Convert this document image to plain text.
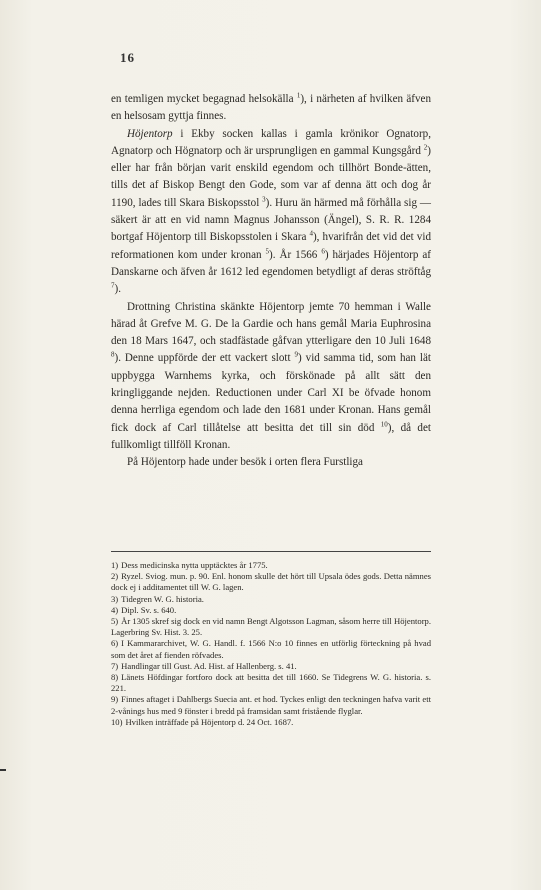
16

en temligen mycket begagnad helsokälla $^1$), i närheten af hvilken äfven en helsosam gyttja finnes.

Höjentorp i Ekby socken kallas i gamla krönikor Ognatorp, Agnatorp och Högnatorp och är ursprungligen en gammal Kungsgård $^2$) eller har från början varit enskild egendom och tillhört Bonde-ätten, tills det af Biskop Bengt den Gode, som var af denna ätt och dog år 1190, lades till Skara Biskopsstol $^3$). Huru än härmed må förhålla sig — säkert är att en vid namn Magnus Johansson (Ängel), S. R. R. 1284 bortgaf Höjentorp till Biskopsstolen i Skara $^4$), hvarifrån det vid det vid reformationen kom under kronan $^5$). År 1566 $^6$) härjades Höjentorp af Danskarne och äfven år 1612 led egendomen betydligt af deras ströftåg $^7$).

Drottning Christina skänkte Höjentorp jemte 70 hemman i Walle härad åt Grefve M. G. De la Gardie och hans gemål Maria Euphrosina den 18 Mars 1647, och stadfästade gåfvan ytterligare den 10 Juli 1648 $^8$). Denne uppförde der ett vackert slott $^9$) vid samma tid, som han lät uppbygga Warnhems kyrka, och förskönade på allt sätt den kringliggande nejden. Reductionen under Carl XI be öfvade honom denna herrliga egendom och lade den 1681 under Kronan. Hans gemål fick dock af Carl tillåtelse att besitta det till sin död $^{10}$), då det fullkomligt tillföll Kronan.

På Höjentorp hade under besök i orten flera Furstliga

1) Dess medicinska nytta upptäcktes år 1775.
2) Ryzel. Sviog. mun. p. 90. Enl. honom skulle det hört till Upsala ödes gods. Detta nämnes dock ej i additamentet till W. G. lagen.
3) Tidegren W. G. historia.
4) Dipl. Sv. s. 640.
5) År 1305 skref sig dock en vid namn Bengt Algotsson Lagman, såsom herre till Höjentorp. Lagerbring Sv. Hist. 3. 25.
6) I Kammararchivet, W. G. Handl. f. 1566 N:o 10 finnes en utförlig förteckning på hvad som det året af fienden röfvades.
7) Handlingar till Gust. Ad. Hist. af Hallenberg. s. 41.
8) Länets Höfdingar fortforo dock att besitta det till 1660. Se Tidegrens W. G. historia. s. 221.
9) Finnes aftaget i Dahlbergs Suecia ant. et hod. Tyckes enligt den teckningen hafva varit ett 2-vånings hus med 9 fönster i bredd på framsidan samt fristående flyglar.
10) Hvilken inträffade på Höjentorp d. 24 Oct. 1687.
